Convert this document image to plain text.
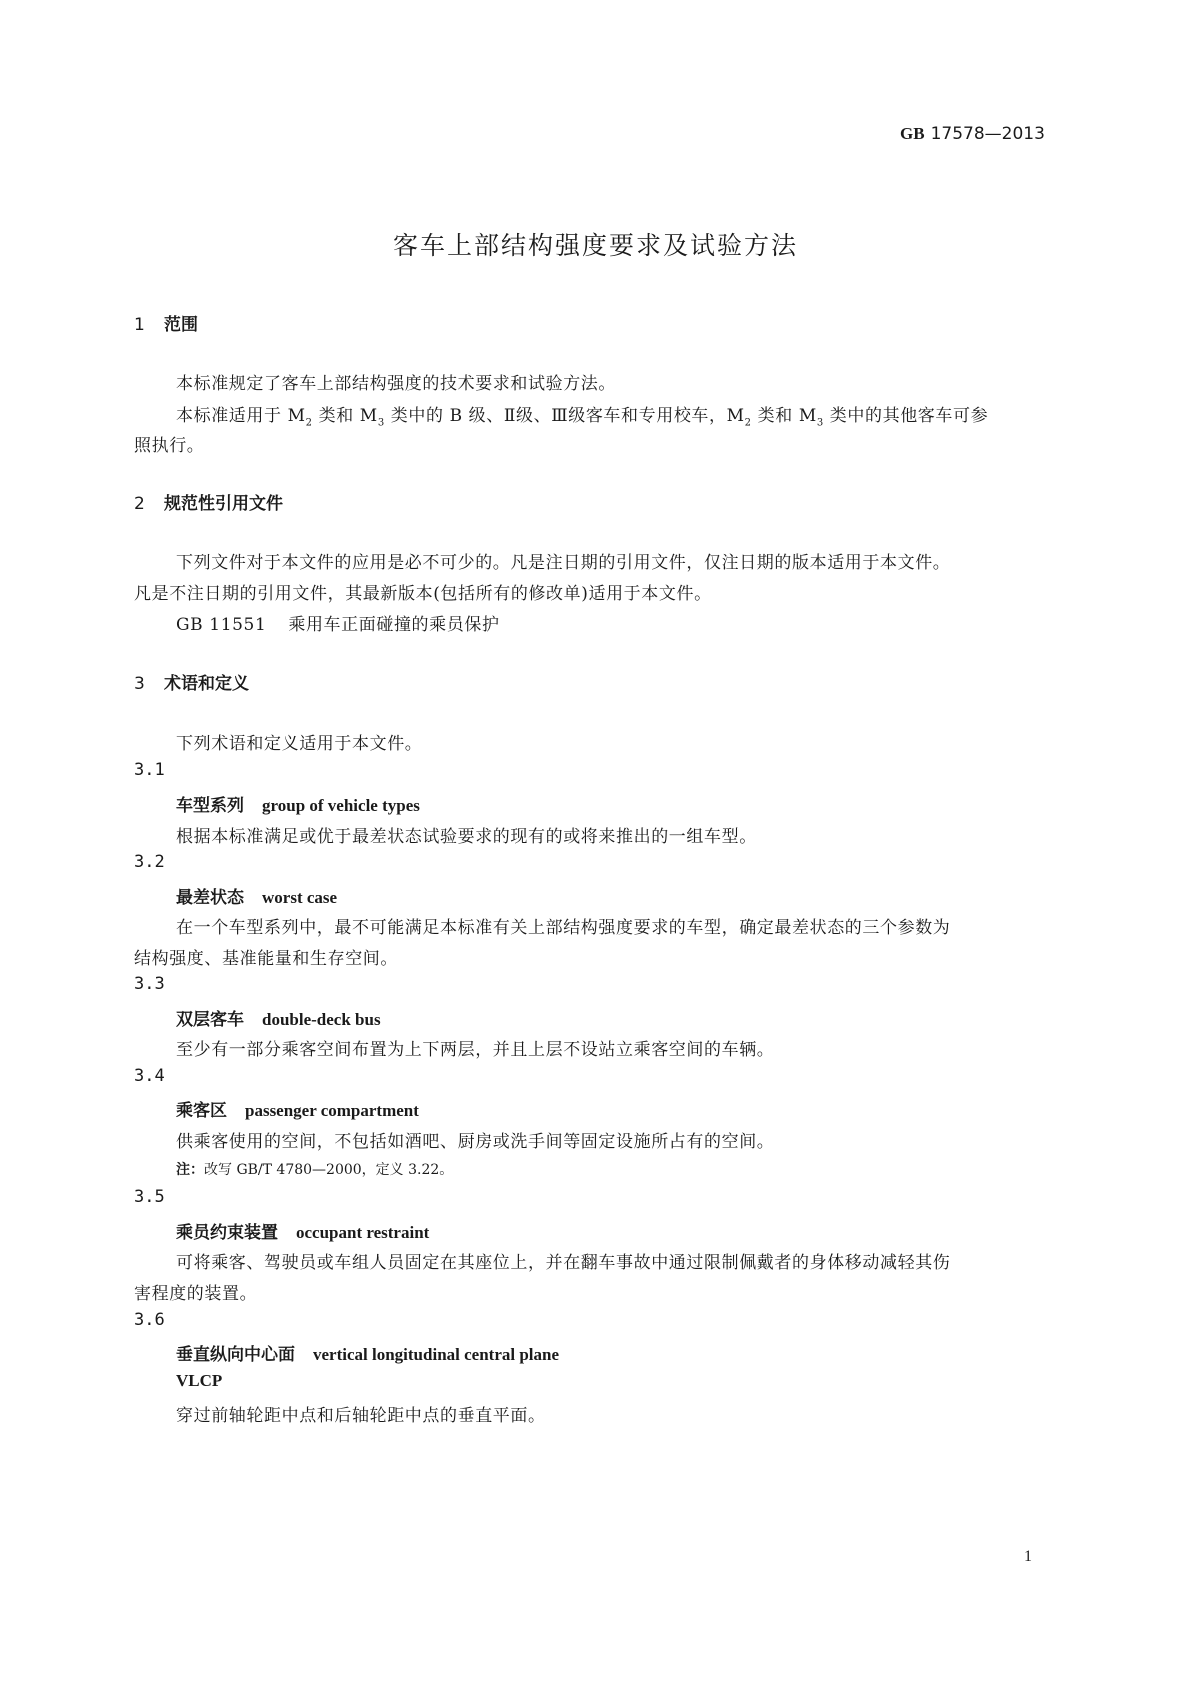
GB 17578—2013
客车上部结构强度要求及试验方法
1 范围
本标准规定了客车上部结构强度的技术要求和试验方法。
本标准适用于 $M_2$ 类和 $M_3$ 类中的 B 级、Ⅱ级、Ⅲ级客车和专用校车，$M_2$ 类和 $M_3$ 类中的其他客车可参
照执行。
2 规范性引用文件
下列文件对于本文件的应用是必不可少的。凡是注日期的引用文件，仅注日期的版本适用于本文件。
凡是不注日期的引用文件，其最新版本(包括所有的修改单)适用于本文件。
GB 11551 乘用车正面碰撞的乘员保护
3 术语和定义
下列术语和定义适用于本文件。
3.1
车型系列 group of vehicle types
根据本标准满足或优于最差状态试验要求的现有的或将来推出的一组车型。
3.2
最差状态 worst case
在一个车型系列中，最不可能满足本标准有关上部结构强度要求的车型，确定最差状态的三个参数为
结构强度、基准能量和生存空间。
3.3
双层客车 double-deck bus
至少有一部分乘客空间布置为上下两层，并且上层不设站立乘客空间的车辆。
3.4
乘客区 passenger compartment
供乘客使用的空间，不包括如酒吧、厨房或洗手间等固定设施所占有的空间。
注：改写 GB/T 4780—2000，定义 3.22。
3.5
乘员约束装置 occupant restraint
可将乘客、驾驶员或车组人员固定在其座位上，并在翻车事故中通过限制佩戴者的身体移动减轻其伤
害程度的装置。
3.6
垂直纵向中心面 vertical longitudinal central plane
VLCP
穿过前轴轮距中点和后轴轮距中点的垂直平面。
1
